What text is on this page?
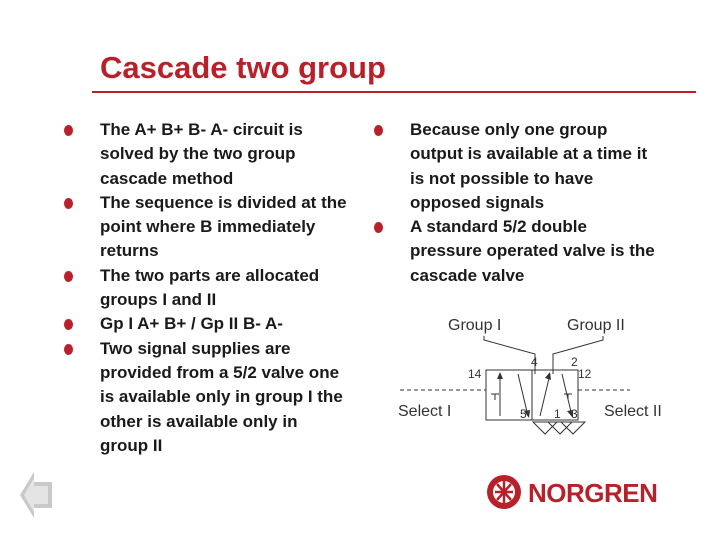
Cascade two group
The A+ B+ B- A- circuit is solved by the two group cascade method
The sequence is divided at the point where B immediately returns
The two parts are allocated groups I and II
Gp I A+ B+ / Gp II B- A-
Two signal supplies are provided from a 5/2 valve one is available only in group I the other is available only in group II
Because only one group output is available at a time it is not possible to have opposed signals
A standard 5/2 double pressure operated valve is the cascade valve
Group I	Group II
4	2
14	12
Select I	Select II
5 1 3
NORGREN
